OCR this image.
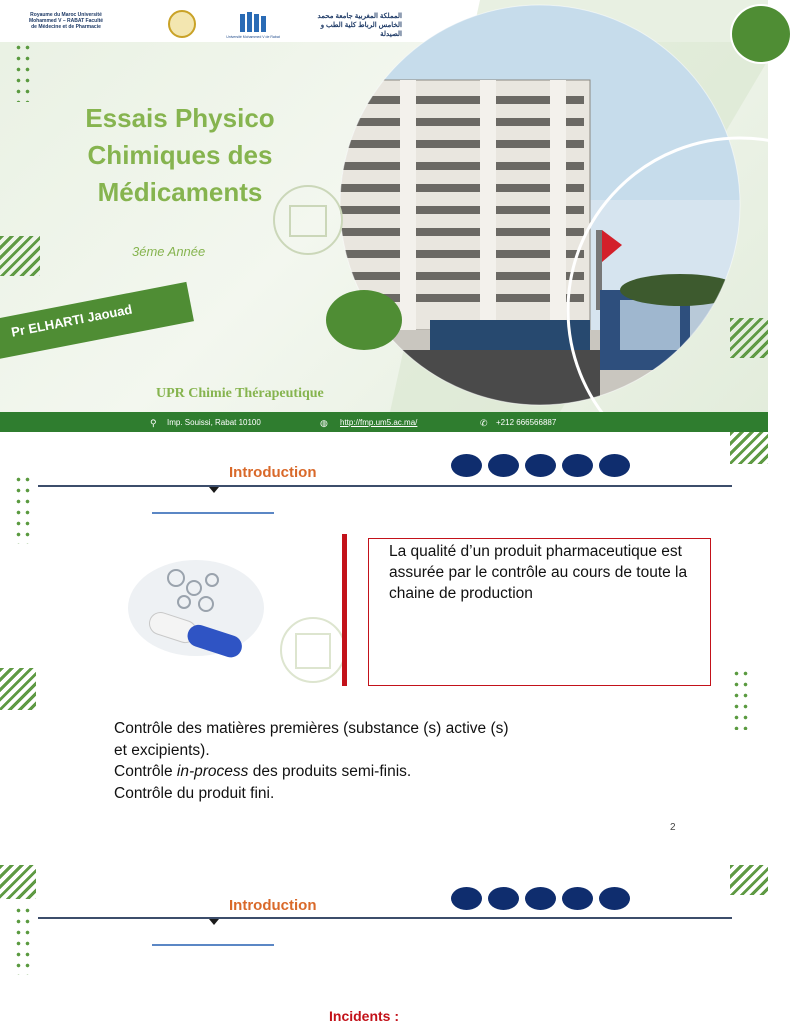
Royaume du Maroc Université Mohammed V – RABAT Faculté de Médecine et de Pharmacie
Université Mohammed V de Rabat
المملكة المغربية جامعة محمد الخامس الرباط كلية الطب و الصيدلة
Essais Physico Chimiques des Médicaments
3éme Année
Pr ELHARTI Jaouad
UPR Chimie Thérapeutique
⚲ Imp. Souissi, Rabat 10100	◍ http://fmp.um5.ac.ma/	✆ +212 666566887
Introduction
La qualité d’un produit pharmaceutique est assurée par le contrôle au cours de toute la chaine de production
Contrôle des matières premières (substance (s) active (s)
et excipients).
Contrôle in-process des produits semi-finis.
Contrôle du produit fini.
2
Introduction
Incidents :
